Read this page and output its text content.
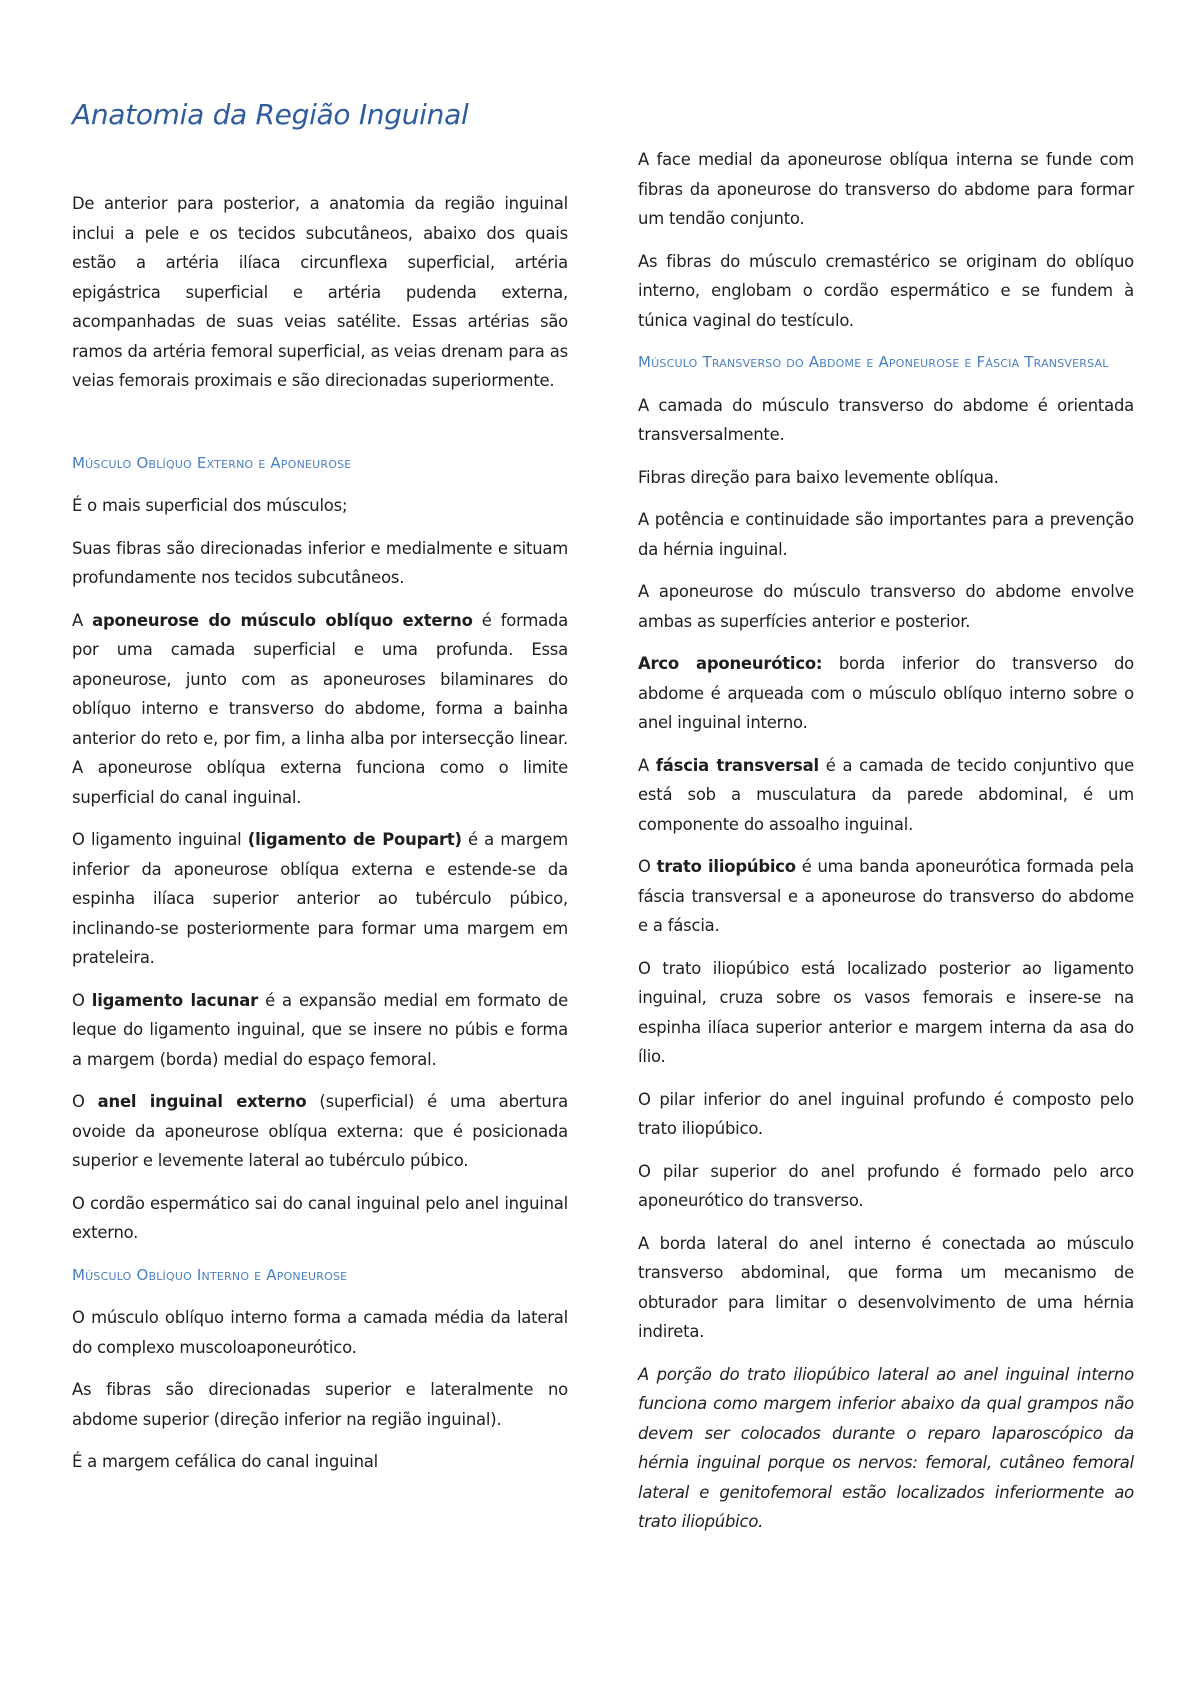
Anatomia da Região Inguinal

De anterior para posterior, a anatomia da região inguinal inclui a pele e os tecidos subcutâneos, abaixo dos quais estão a artéria ilíaca circunflexa superficial, artéria epigástrica superficial e artéria pudenda externa, acompanhadas de suas veias satélite. Essas artérias são ramos da artéria femoral superficial, as veias drenam para as veias femorais proximais e são direcionadas superiormente.

Músculo Oblíquo Externo e Aponeurose

É o mais superficial dos músculos;

Suas fibras são direcionadas inferior e medialmente e situam profundamente nos tecidos subcutâneos.

A aponeurose do músculo oblíquo externo é formada por uma camada superficial e uma profunda. Essa aponeurose, junto com as aponeuroses bilaminares do oblíquo interno e transverso do abdome, forma a bainha anterior do reto e, por fim, a linha alba por intersecção linear. A aponeurose oblíqua externa funciona como o limite superficial do canal inguinal.

O ligamento inguinal (ligamento de Poupart) é a margem inferior da aponeurose oblíqua externa e estende-se da espinha ilíaca superior anterior ao tubérculo púbico, inclinando-se posteriormente para formar uma margem em prateleira.

O ligamento lacunar é a expansão medial em formato de leque do ligamento inguinal, que se insere no púbis e forma a margem (borda) medial do espaço femoral.

O anel inguinal externo (superficial) é uma abertura ovoide da aponeurose oblíqua externa: que é posicionada superior e levemente lateral ao tubérculo púbico.

O cordão espermático sai do canal inguinal pelo anel inguinal externo.

Músculo Oblíquo Interno e Aponeurose

O músculo oblíquo interno forma a camada média da lateral do complexo muscoloaponeurótico.

As fibras são direcionadas superior e lateralmente no abdome superior (direção inferior na região inguinal).

É a margem cefálica do canal inguinal

A face medial da aponeurose oblíqua interna se funde com fibras da aponeurose do transverso do abdome para formar um tendão conjunto.

As fibras do músculo cremastérico se originam do oblíquo interno, englobam o cordão espermático e se fundem à túnica vaginal do testículo.

Músculo Transverso do Abdome e Aponeurose e Fáscia Transversal

A camada do músculo transverso do abdome é orientada transversalmente.

Fibras direção para baixo levemente oblíqua.

A potência e continuidade são importantes para a prevenção da hérnia inguinal.

A aponeurose do músculo transverso do abdome envolve ambas as superfícies anterior e posterior.

Arco aponeurótico: borda inferior do transverso do abdome é arqueada com o músculo oblíquo interno sobre o anel inguinal interno.

A fáscia transversal é a camada de tecido conjuntivo que está sob a musculatura da parede abdominal, é um componente do assoalho inguinal.

O trato iliopúbico é uma banda aponeurótica formada pela fáscia transversal e a aponeurose do transverso do abdome e a fáscia.

O trato iliopúbico está localizado posterior ao ligamento inguinal, cruza sobre os vasos femorais e insere-se na espinha ilíaca superior anterior e margem interna da asa do ílio.

O pilar inferior do anel inguinal profundo é composto pelo trato iliopúbico.

O pilar superior do anel profundo é formado pelo arco aponeurótico do transverso.

A borda lateral do anel interno é conectada ao músculo transverso abdominal, que forma um mecanismo de obturador para limitar o desenvolvimento de uma hérnia indireta.

A porção do trato iliopúbico lateral ao anel inguinal interno funciona como margem inferior abaixo da qual grampos não devem ser colocados durante o reparo laparoscópico da hérnia inguinal porque os nervos: femoral, cutâneo femoral lateral e genitofemoral estão localizados inferiormente ao trato iliopúbico.
